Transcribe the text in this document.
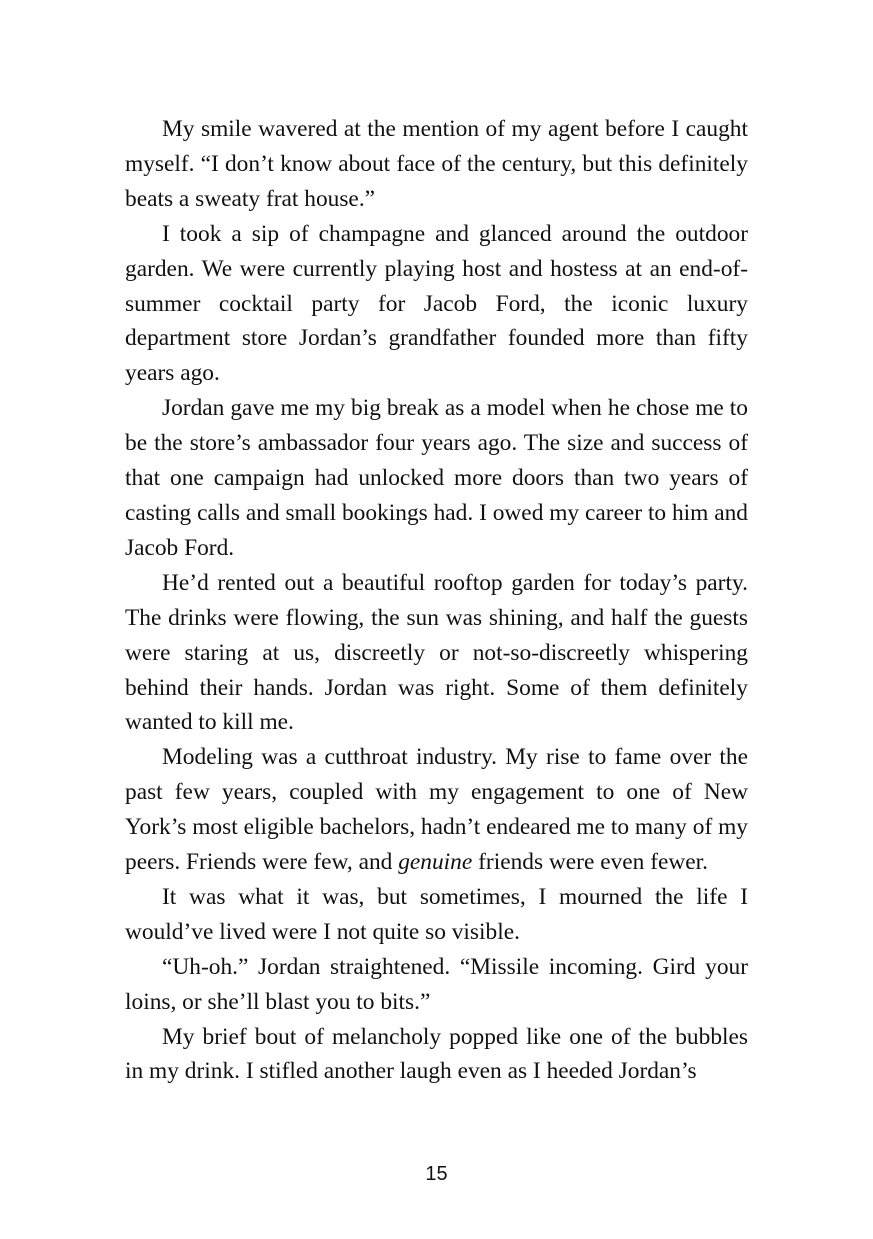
My smile wavered at the mention of my agent before I caught myself. “I don’t know about face of the century, but this definitely beats a sweaty frat house.”

I took a sip of champagne and glanced around the outdoor garden. We were currently playing host and hostess at an end-of-summer cocktail party for Jacob Ford, the iconic luxury department store Jordan’s grandfather founded more than fifty years ago.

Jordan gave me my big break as a model when he chose me to be the store’s ambassador four years ago. The size and success of that one campaign had unlocked more doors than two years of casting calls and small bookings had. I owed my career to him and Jacob Ford.

He’d rented out a beautiful rooftop garden for today’s party. The drinks were flowing, the sun was shining, and half the guests were staring at us, discreetly or not-so-discreetly whispering behind their hands. Jordan was right. Some of them definitely wanted to kill me.

Modeling was a cutthroat industry. My rise to fame over the past few years, coupled with my engagement to one of New York’s most eligible bachelors, hadn’t endeared me to many of my peers. Friends were few, and genuine friends were even fewer.

It was what it was, but sometimes, I mourned the life I would’ve lived were I not quite so visible.

“Uh-oh.” Jordan straightened. “Missile incoming. Gird your loins, or she’ll blast you to bits.”

My brief bout of melancholy popped like one of the bubbles in my drink. I stifled another laugh even as I heeded Jordan’s

15
